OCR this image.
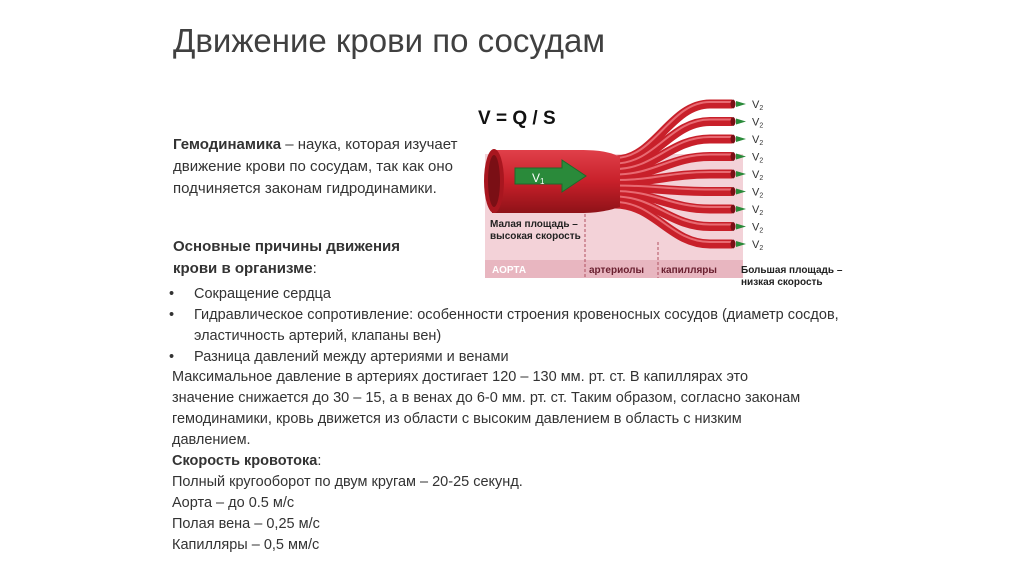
Движение крови по сосудам
Гемодинамика – наука, которая изучает движение крови по сосудам, так как оно подчиняется законам гидродинамики.
Основные причины движения крови в организме:
• Сокращение сердца
• Гидравлическое сопротивление: особенности строения кровеносных сосудов (диаметр сосдов, эластичность артерий, клапаны вен)
• Разница давлений между артериями и венами
Максимальное давление в артериях достигает 120 – 130 мм. рт. ст. В капиллярах это
значение снижается до 30 – 15, а в венах до 6-0 мм. рт. ст. Таким образом, согласно законам
гемодинамики, кровь движется из области с высоким давлением в область с низким
давлением.
Скорость кровотока:
Полный кругооборот по двум кругам – 20-25 секунд.
Аорта – до 0.5 м/с
Полая вена – 0,25 м/с
Капилляры – 0,5 мм/с
V1
V = Q / S
Малая площадь –
высокая скорость
АОРТА	артериолы капилляры Большая площадь –
низкая скорость
V2
V2
V2
V2
V2
V2
V2
V2
V2
